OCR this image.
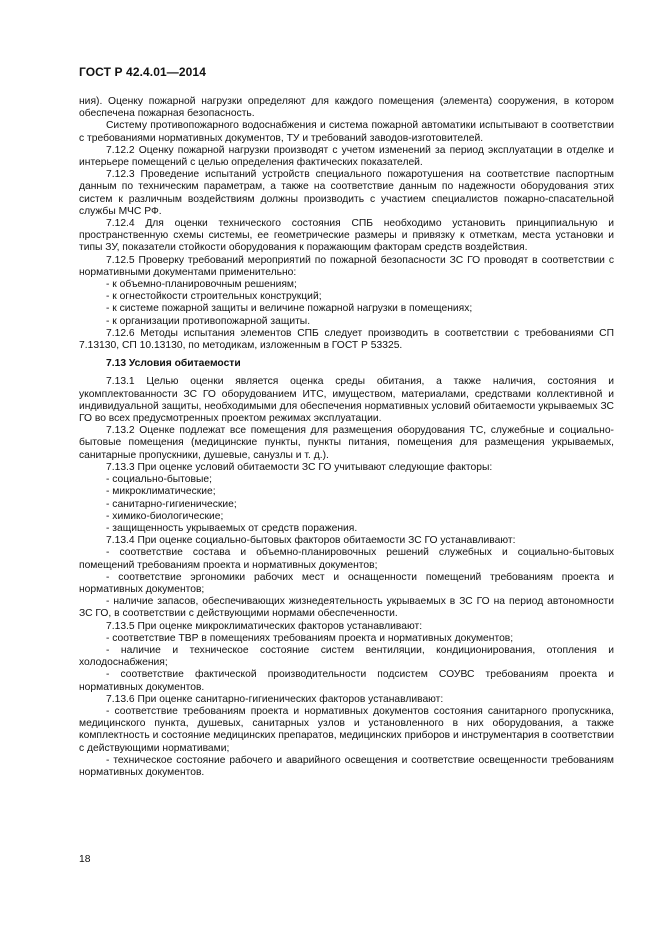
ГОСТ Р 42.4.01—2014

ния). Оценку пожарной нагрузки определяют для каждого помещения (элемента) сооружения, в котором обеспечена пожарная безопасность.

Систему противопожарного водоснабжения и система пожарной автоматики испытывают в соответствии с требованиями нормативных документов, ТУ и требований заводов-изготовителей.

7.12.2 Оценку пожарной нагрузки производят с учетом изменений за период эксплуатации в отделке и интерьере помещений с целью определения фактических показателей.

7.12.3 Проведение испытаний устройств специального пожаротушения на соответствие паспортным данным по техническим параметрам, а также на соответствие данным по надежности оборудования этих систем к различным воздействиям должны производить с участием специалистов пожарно-спасательной службы МЧС РФ.

7.12.4 Для оценки технического состояния СПБ необходимо установить принципиальную и пространственную схемы системы, ее геометрические размеры и привязку к отметкам, места установки и типы ЗУ, показатели стойкости оборудования к поражающим факторам средств воздействия.

7.12.5 Проверку требований мероприятий по пожарной безопасности ЗС ГО проводят в соответствии с нормативными документами применительно:

- к объемно-планировочным решениям;

- к огнестойкости строительных конструкций;

- к системе пожарной защиты и величине пожарной нагрузки в помещениях;

- к организации противопожарной защиты.

7.12.6 Методы испытания элементов СПБ следует производить в соответствии с требованиями СП 7.13130, СП 10.13130, по методикам, изложенным в ГОСТ Р 53325.

7.13 Условия обитаемости

7.13.1 Целью оценки является оценка среды обитания, а также наличия, состояния и укомплектованности ЗС ГО оборудованием ИТС, имуществом, материалами, средствами коллективной и индивидуальной защиты, необходимыми для обеспечения нормативных условий обитаемости укрываемых ЗС ГО во всех предусмотренных проектом режимах эксплуатации.

7.13.2 Оценке подлежат все помещения для размещения оборудования ТС, служебные и социально-бытовые помещения (медицинские пункты, пункты питания, помещения для размещения укрываемых, санитарные пропускники, душевые, санузлы и т. д.).

7.13.3 При оценке условий обитаемости ЗС ГО учитывают следующие факторы:

- социально-бытовые;

- микроклиматические;

- санитарно-гигиенические;

- химико-биологические;

- защищенность укрываемых от средств поражения.

7.13.4 При оценке социально-бытовых факторов обитаемости ЗС ГО устанавливают:

- соответствие состава и объемно-планировочных решений служебных и социально-бытовых помещений требованиям проекта и нормативных документов;

- соответствие эргономики рабочих мест и оснащенности помещений требованиям проекта и нормативных документов;

- наличие запасов, обеспечивающих жизнедеятельность укрываемых в ЗС ГО на период автономности ЗС ГО, в соответствии с действующими нормами обеспеченности.

7.13.5 При оценке микроклиматических факторов устанавливают:

- соответствие ТВР в помещениях требованиям проекта и нормативных документов;

- наличие и техническое состояние систем вентиляции, кондиционирования, отопления и холодоснабжения;

- соответствие фактической производительности подсистем СОУВС требованиям проекта и нормативных документов.

7.13.6 При оценке санитарно-гигиенических факторов устанавливают:

- соответствие требованиям проекта и нормативных документов состояния санитарного пропускника, медицинского пункта, душевых, санитарных узлов и установленного в них оборудования, а также комплектность и состояние медицинских препаратов, медицинских приборов и инструментария в соответствии с действующими нормативами;

- техническое состояние рабочего и аварийного освещения и соответствие освещенности требованиям нормативных документов.

18
